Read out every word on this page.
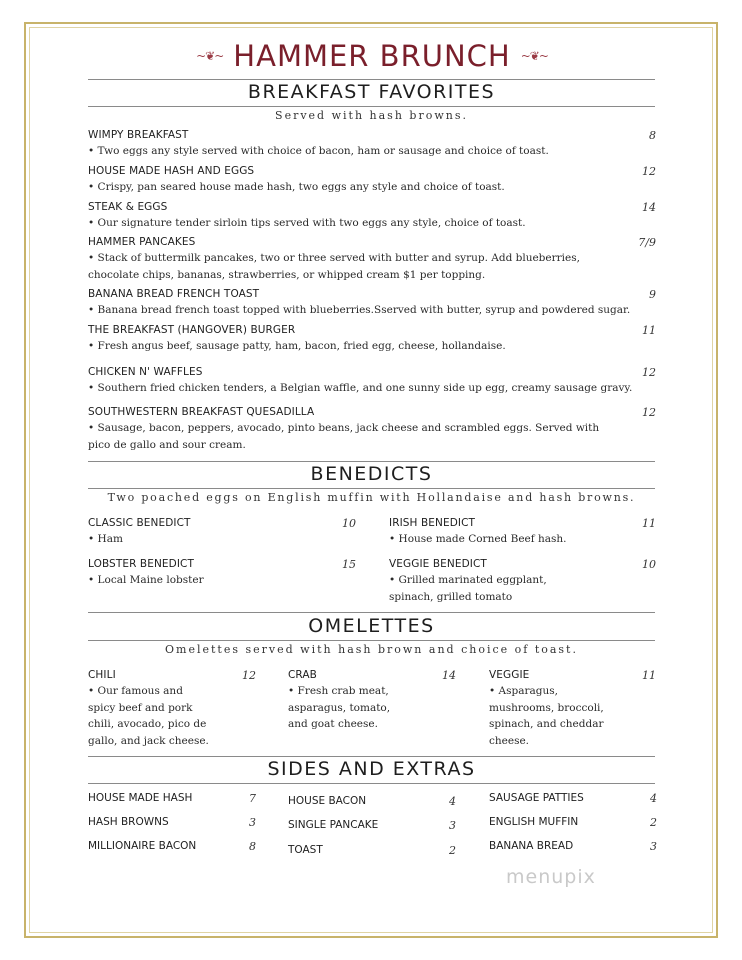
~❦~ HAMMER BRUNCH ~❦~
BREAKFAST FAVORITES
Served with hash browns.
WIMPY BREAKFAST	8
• Two eggs any style served with choice of bacon, ham or sausage and choice of toast.
HOUSE MADE HASH AND EGGS	12
• Crispy, pan seared house made hash, two eggs any style and choice of toast.
STEAK & EGGS	14
• Our signature tender sirloin tips served with two eggs any style, choice of toast.
HAMMER PANCAKES	7/9
• Stack of buttermilk pancakes, two or three served with butter and syrup. Add blueberries, chocolate chips, bananas, strawberries, or whipped cream $1 per topping.
BANANA BREAD FRENCH TOAST	9
• Banana bread french toast topped with blueberries.Sserved with butter, syrup and powdered sugar.
THE BREAKFAST (HANGOVER) BURGER	11
• Fresh angus beef, sausage patty, ham, bacon, fried egg, cheese, hollandaise.
CHICKEN N' WAFFLES	12
• Southern fried chicken tenders, a Belgian waffle, and one sunny side up egg, creamy sausage gravy.
SOUTHWESTERN BREAKFAST QUESADILLA	12
• Sausage, bacon, peppers, avocado, pinto beans, jack cheese and scrambled eggs. Served with pico de gallo and sour cream.
BENEDICTS
Two poached eggs on English muffin with Hollandaise and hash browns.
CLASSIC BENEDICT	10
• Ham
IRISH BENEDICT	11
• House made Corned Beef hash.
LOBSTER BENEDICT	15
• Local Maine lobster
VEGGIE BENEDICT	10
• Grilled marinated eggplant, spinach, grilled tomato
OMELETTES
Omelettes served with hash brown and choice of toast.
CHILI	12
• Our famous and spicy beef and pork chili, avocado, pico de gallo, and jack cheese.
CRAB	14
• Fresh crab meat, asparagus, tomato, and goat cheese.
VEGGIE	11
• Asparagus, mushrooms, broccoli, spinach, and cheddar cheese.
SIDES AND EXTRAS
HOUSE MADE HASH	7
HASH BROWNS	3
MILLIONAIRE BACON	8
HOUSE BACON	4
SINGLE PANCAKE	3
TOAST	2
SAUSAGE PATTIES	4
ENGLISH MUFFIN	2
BANANA BREAD	3
menupix
